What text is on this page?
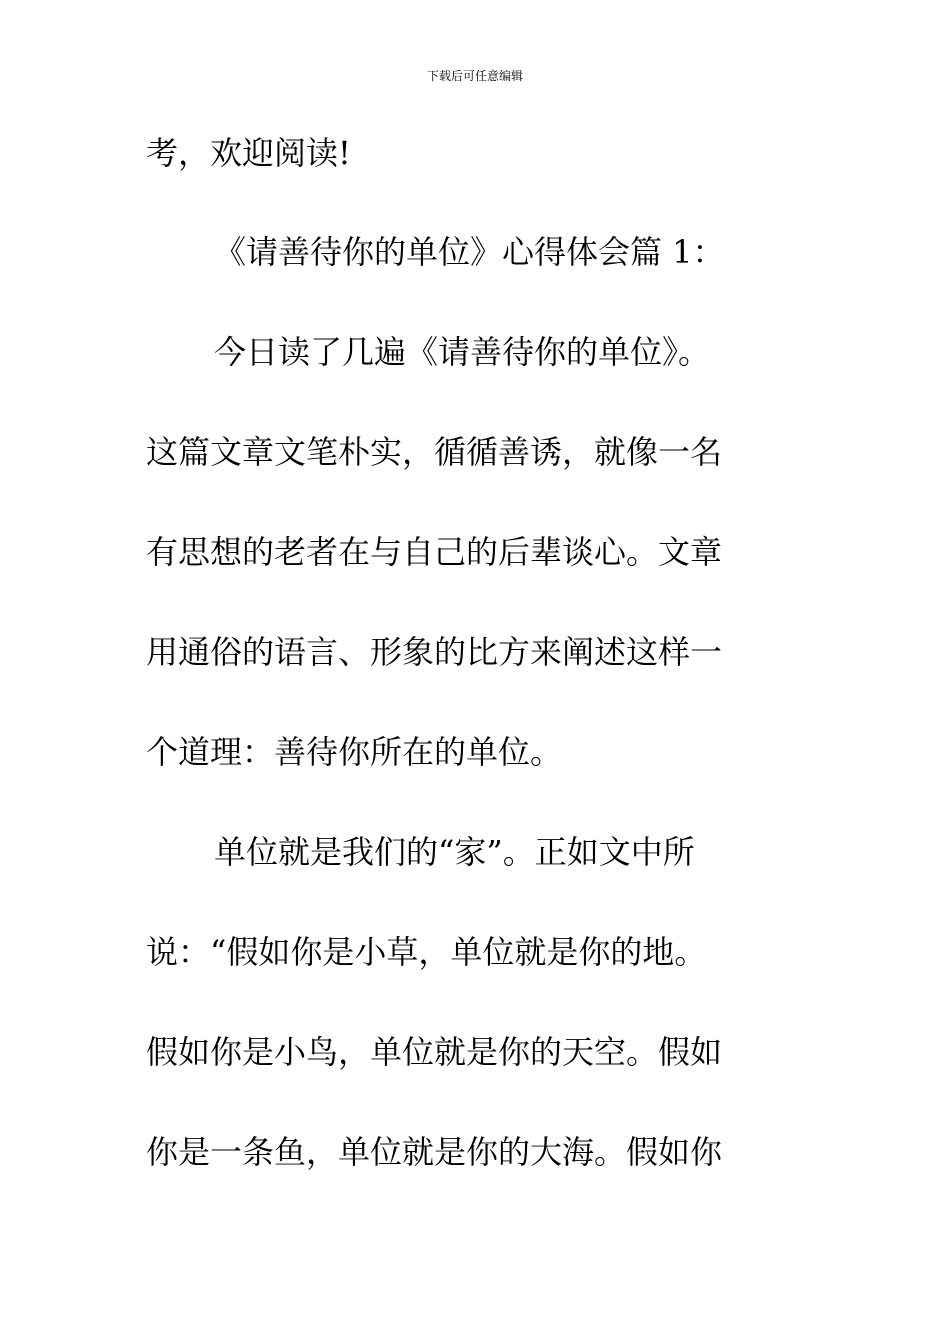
下载后可任意编辑
考，欢迎阅读!
《请善待你的单位》心得体会篇 1：
今日读了几遍《请善待你的单位》。
这篇文章文笔朴实，循循善诱，就像一名
有思想的老者在与自己的后辈谈心。文章
用通俗的语言、形象的比方来阐述这样一
个道理：善待你所在的单位。
单位就是我们的“家”。正如文中所
说：“假如你是小草，单位就是你的地。
假如你是小鸟，单位就是你的天空。假如
你是一条鱼，单位就是你的大海。假如你
